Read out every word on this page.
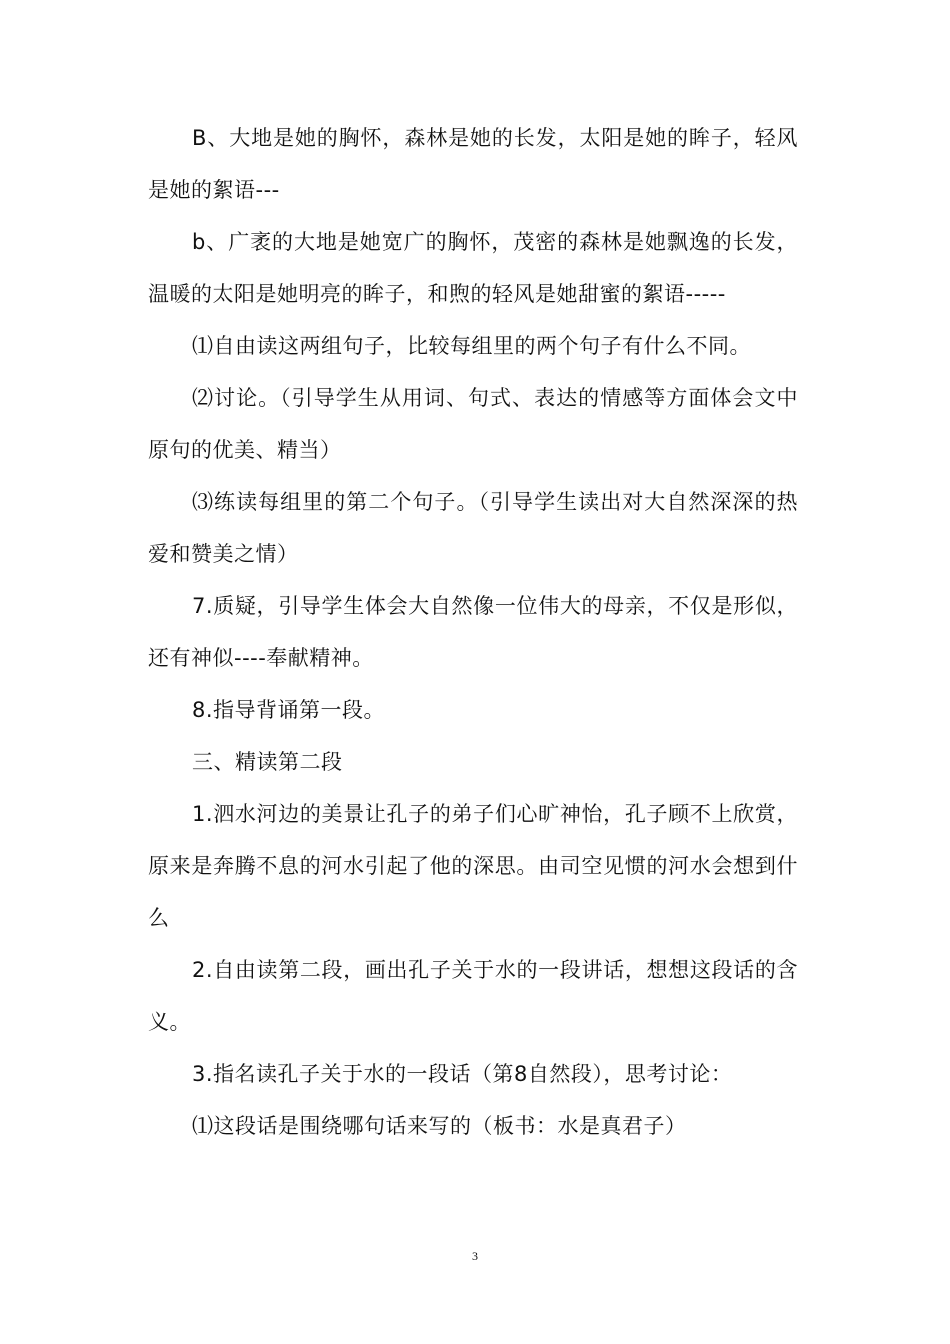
B、大地是她的胸怀，森林是她的长发，太阳是她的眸子，轻风是她的絮语---

b、广袤的大地是她宽广的胸怀，茂密的森林是她飘逸的长发，温暖的太阳是她明亮的眸子，和煦的轻风是她甜蜜的絮语-----

⑴自由读这两组句子，比较每组里的两个句子有什么不同。

⑵讨论。（引导学生从用词、句式、表达的情感等方面体会文中原句的优美、精当）

⑶练读每组里的第二个句子。（引导学生读出对大自然深深的热爱和赞美之情）

7.质疑，引导学生体会大自然像一位伟大的母亲，不仅是形似，还有神似----奉献精神。

8.指导背诵第一段。

三、精读第二段

1.泗水河边的美景让孔子的弟子们心旷神怡，孔子顾不上欣赏，原来是奔腾不息的河水引起了他的深思。由司空见惯的河水会想到什么

2.自由读第二段，画出孔子关于水的一段讲话，想想这段话的含义。

3.指名读孔子关于水的一段话（第8自然段），思考讨论：

⑴这段话是围绕哪句话来写的（板书：水是真君子）

3
